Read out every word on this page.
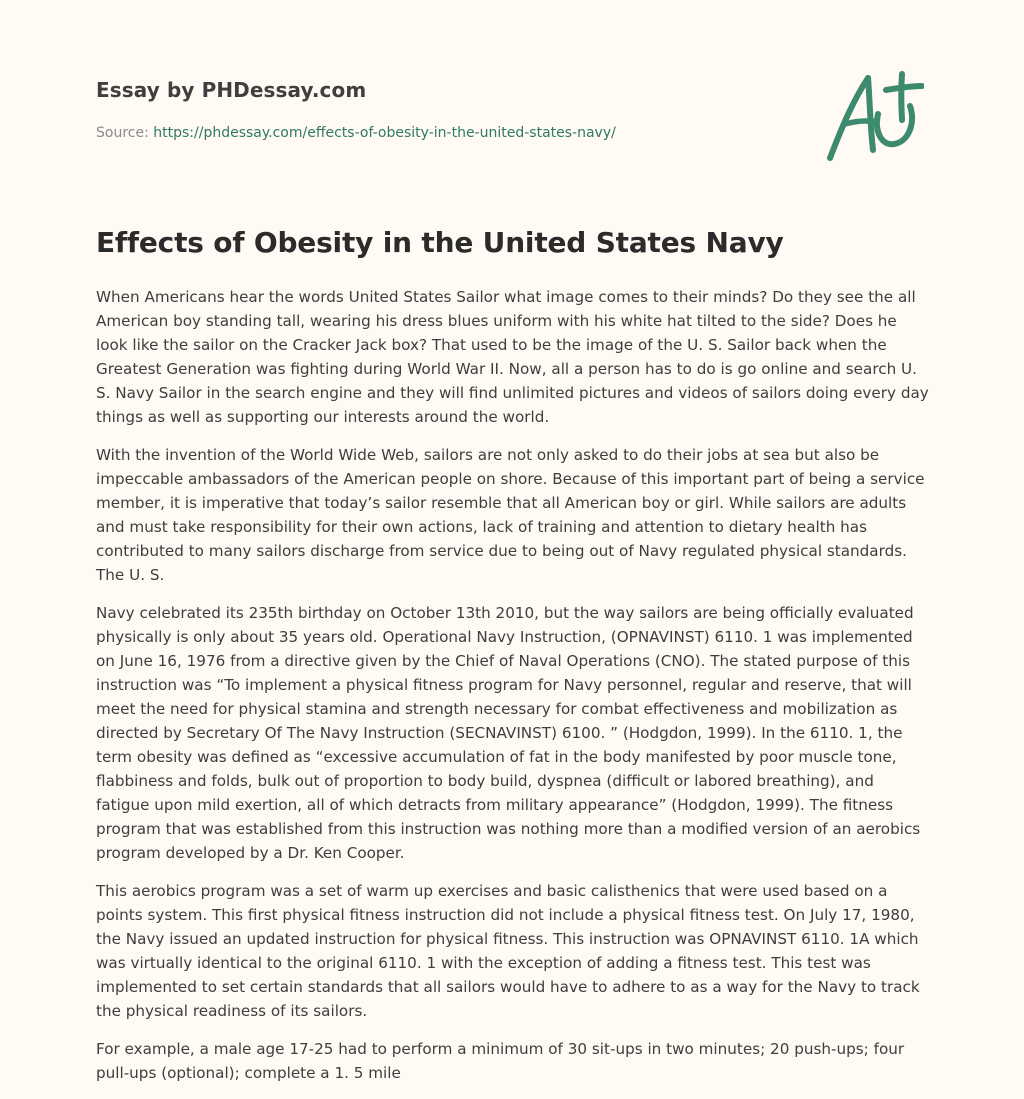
Essay by PHDessay.com
Source: https://phdessay.com/effects-of-obesity-in-the-united-states-navy/
Effects of Obesity in the United States Navy

When Americans hear the words United States Sailor what image comes to their minds? Do they see the all American boy standing tall, wearing his dress blues uniform with his white hat tilted to the side? Does he look like the sailor on the Cracker Jack box? That used to be the image of the U. S. Sailor back when the Greatest Generation was fighting during World War II. Now, all a person has to do is go online and search U. S. Navy Sailor in the search engine and they will find unlimited pictures and videos of sailors doing every day things as well as supporting our interests around the world.

With the invention of the World Wide Web, sailors are not only asked to do their jobs at sea but also be impeccable ambassadors of the American people on shore. Because of this important part of being a service member, it is imperative that today’s sailor resemble that all American boy or girl. While sailors are adults and must take responsibility for their own actions, lack of training and attention to dietary health has contributed to many sailors discharge from service due to being out of Navy regulated physical standards. The U. S.

Navy celebrated its 235th birthday on October 13th 2010, but the way sailors are being officially evaluated physically is only about 35 years old. Operational Navy Instruction, (OPNAVINST) 6110. 1 was implemented on June 16, 1976 from a directive given by the Chief of Naval Operations (CNO). The stated purpose of this instruction was “To implement a physical fitness program for Navy personnel, regular and reserve, that will meet the need for physical stamina and strength necessary for combat effectiveness and mobilization as directed by Secretary Of The Navy Instruction (SECNAVINST) 6100. ” (Hodgdon, 1999). In the 6110. 1, the term obesity was defined as “excessive accumulation of fat in the body manifested by poor muscle tone, flabbiness and folds, bulk out of proportion to body build, dyspnea (difficult or labored breathing), and fatigue upon mild exertion, all of which detracts from military appearance” (Hodgdon, 1999). The fitness program that was established from this instruction was nothing more than a modified version of an aerobics program developed by a Dr. Ken Cooper.

This aerobics program was a set of warm up exercises and basic calisthenics that were used based on a points system. This first physical fitness instruction did not include a physical fitness test. On July 17, 1980, the Navy issued an updated instruction for physical fitness. This instruction was OPNAVINST 6110. 1A which was virtually identical to the original 6110. 1 with the exception of adding a fitness test. This test was implemented to set certain standards that all sailors would have to adhere to as a way for the Navy to track the physical readiness of its sailors.

For example, a male age 17-25 had to perform a minimum of 30 sit-ups in two minutes; 20 push-ups; four pull-ups (optional); complete a 1. 5 mile
